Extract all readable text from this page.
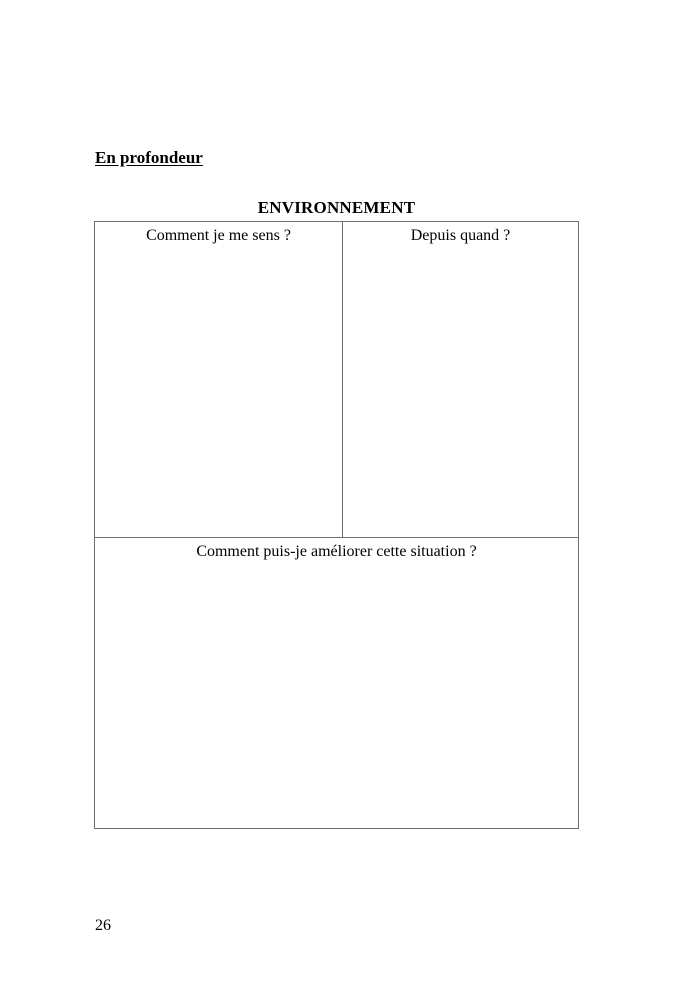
En profondeur
ENVIRONNEMENT
Comment je me sens ?	Depuis quand ?
Comment puis-je améliorer cette situation ?
26
